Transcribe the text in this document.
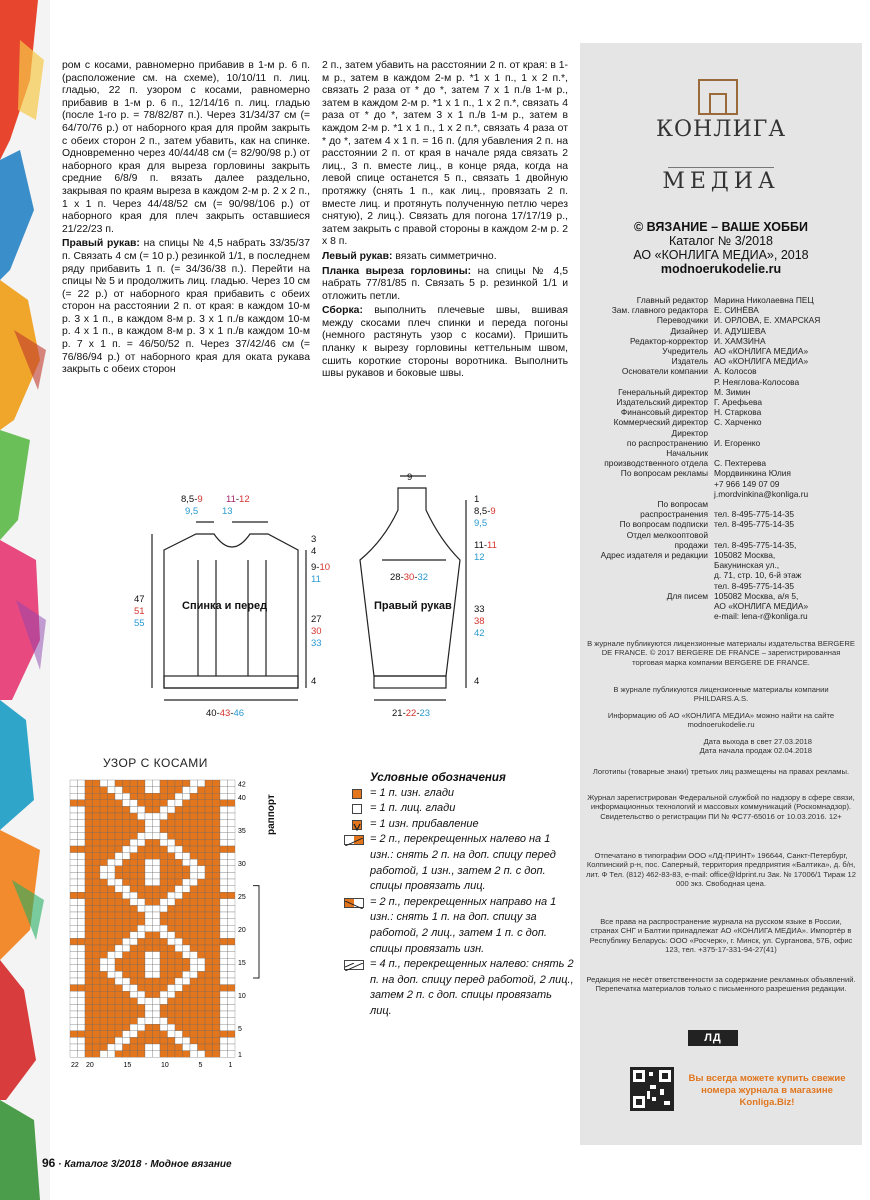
ром с косами, равномерно прибавив в 1-м р. 6 п. (расположение см. на схеме), 10/10/11 п. лиц. гладью, 22 п. узором с косами, равномерно прибавив в 1-м р. 6 п., 12/14/16 п. лиц. гладью (после 1-го р. = 78/82/87 п.). Через 31/34/37 см (= 64/70/76 р.) от наборного края для пройм закрыть с обеих сторон 2 п., затем убавить, как на спинке. Одновременно через 40/44/48 см (= 82/90/98 р.) от наборного края для выреза горловины закрыть средние 6/8/9 п. вязать далее раздельно, закрывая по краям выреза в каждом 2-м р. 2 х 2 п., 1 х 1 п. Через 44/48/52 см (= 90/98/106 р.) от наборного края для плеч закрыть оставшиеся 21/22/23 п.

Правый рукав: на спицы № 4,5 набрать 33/35/37 п. Связать 4 см (= 10 р.) резинкой 1/1, в последнем ряду прибавить 1 п. (= 34/36/38 п.). Перейти на спицы № 5 и продолжить лиц. гладью. Через 10 см (= 22 р.) от наборного края прибавить с обеих сторон на расстоянии 2 п. от края: в каждом 10-м р. 3 х 1 п., в каждом 8-м р. 3 х 1 п./в каждом 10-м р. 4 х 1 п., в каждом 8-м р. 3 х 1 п./в каждом 10-м р. 7 х 1 п. = 46/50/52 п. Через 37/42/46 см (= 76/86/94 р.) от наборного края для оката рукава закрыть с обеих сторон

2 п., затем убавить на расстоянии 2 п. от края: в 1-м р., затем в каждом 2-м р. *1 х 1 п., 1 х 2 п.*, связать 2 раза от * до *, затем 7 х 1 п./в 1-м р., затем в каждом 2-м р. *1 х 1 п., 1 х 2 п.*, связать 4 раза от * до *, затем 3 х 1 п./в 1-м р., затем в каждом 2-м р. *1 х 1 п., 1 х 2 п.*, связать 4 раза от * до *, затем 4 х 1 п. = 16 п. (для убавления 2 п. на расстоянии 2 п. от края в начале ряда связать 2 лиц., 3 п. вместе лиц., в конце ряда, когда на левой спице останется 5 п., связать 1 двойную протяжку (снять 1 п., как лиц., провязать 2 п. вместе лиц. и протянуть полученную петлю через снятую), 2 лиц.). Связать для погона 17/17/19 р., затем закрыть с правой стороны в каждом 2-м р. 2 х 8 п.

Левый рукав: вязать симметрично.

Планка выреза горловины: на спицы № 4,5 набрать 77/81/85 п. Связать 5 р. резинкой 1/1 и отложить петли.

Сборка: выполнить плечевые швы, вшивая между скосами плеч спинки и переда погоны (немного растянуть узор с косами). Пришить планку к вырезу горловины кеттельным швом, сшить короткие стороны воротника. Выполнить швы рукавов и боковые швы.

Спинка и перед
8,5-9
9,5
11-12
13
3
4
9-10
11
47
51
55	27
30
33
4
40-43-46
Правый рукав
9
1
8,5-9
9,5
11-11
12
28-30-32
33
38
42
4
21-22-23
УЗОР С КОСАМИ
42
40
35
30
25
20
15
10
5
1
22 20	15	10	5	1
раппорт
Условные обозначения
= 1 п. изн. глади
= 1 п. лиц. глади
= 1 изн. прибавление
= 2 п., перекрещенных налево на 1 изн.: снять 2 п. на доп. спицу перед работой, 1 изн., затем 2 п. с доп. спицы провязать лиц.
= 2 п., перекрещенных направо на 1 изн.: снять 1 п. на доп. спицу за работой, 2 лиц., затем 1 п. с доп. спицы провязать изн.
= 4 п., перекрещенных налево: снять 2 п. на доп. спицу перед работой, 2 лиц., затем 2 п. с доп. спицы провязать лиц.
КОНЛИГА
МЕДИА
© ВЯЗАНИЕ – ВАШЕ ХОББИ
Каталог № 3/2018
АО «КОНЛИГА МЕДИА», 2018
modnoerukodelie.ru
Главный редактор Марина Николаевна ПЕЦ
Зам. главного редактора Е. СИНЁВА
Переводчики И. ОРЛОВА, Е. ХМАРСКАЯ
Дизайнер И. АДУШЕВА
Редактор-корректор И. ХАМЗИНА
Учредитель АО «КОНЛИГА МЕДИА»
Издатель АО «КОНЛИГА МЕДИА»
Основатели компании А. Колосов
Р. Неяглова-Колосова
Генеральный директор М. Зимин
Издательский директор Г. Арефьева
Финансовый директор Н. Старкова
Коммерческий директор С. Харченко
Директор
по распространению И. Егоренко
Начальник
производственного отдела С. Пехтерева
По вопросам рекламы Мордвинкина Юлия
+7 966 149 07 09
j.mordvinkina@konliga.ru
По вопросам
распространения тел. 8-495-775-14-35
По вопросам подписки тел. 8-495-775-14-35
Отдел мелкооптовой
продажи тел. 8-495-775-14-35,
Адрес издателя и редакции 105082 Москва,
Бакунинская ул.,
д. 71, стр. 10, 6-й этаж
тел. 8-495-775-14-35
Для писем 105082 Москва, а/я 5,
АО «КОНЛИГА МЕДИА»
e-mail: lena-r@konliga.ru
В журнале публикуются лицензионные материалы издательства BERGERE DE FRANCE. © 2017 BERGERE DE FRANCE – зарегистрированная торговая марка компании BERGERE DE FRANCE.
В журнале публикуются лицензионные материалы компании PHILDARS.A.S.
Информацию об АО «КОНЛИГА МЕДИА» можно найти на сайте modnoerukodelie.ru
Дата выхода в свет 27.03.2018
Дата начала продаж 02.04.2018
Логотипы (товарные знаки) третьих лиц размещены на правах рекламы.
Журнал зарегистрирован Федеральной службой по надзору в сфере связи, информационных технологий и массовых коммуникаций (Роскомнадзор). Свидетельство о регистрации ПИ № ФС77-65016 от 10.03.2016. 12+
Отпечатано в типографии ООО «ЛД-ПРИНТ» 196644, Санкт-Петербург, Колпинский р-н, пос. Саперный, территория предприятия «Балтика», д. б/н, лит. Ф Тел. (812) 462-83-83, e-mail: office@ldprint.ru Зак. № 17006/1 Тираж 12 000 экз. Свободная цена.
Все права на распространение журнала на русском языке в России, странах СНГ и Балтии принадлежат АО «КОНЛИГА МЕДИА». Импортёр в Республику Беларусь: ООО «Росчерк», г. Минск, ул. Сурганова, 57Б, офис 123, тел. +375-17-331-94-27(41)
Редакция не несёт ответственности за содержание рекламных объявлений. Перепечатка материалов только с письменного разрешения редакции.
ЛД
Вы всегда можете купить свежие номера журнала в магазине Konliga.Biz!
96 · Каталог 3/2018 · Модное вязание
